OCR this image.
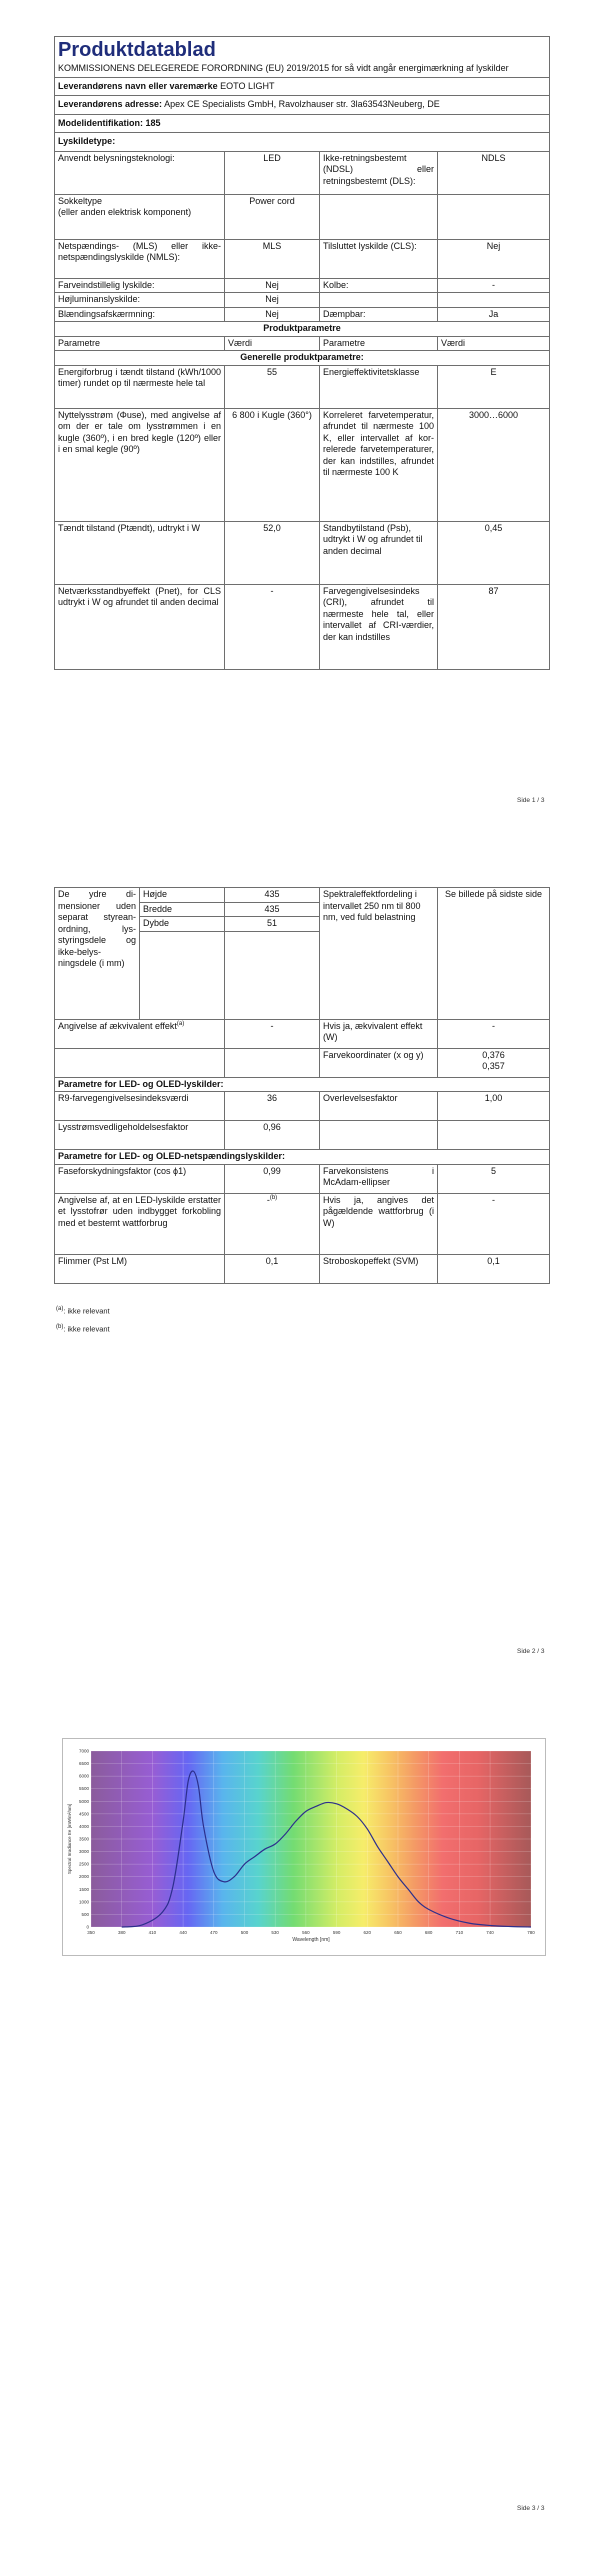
Produktdatablad
KOMMISSIONENS DELEGEREDE FORORDNING (EU) 2019/2015 for så vidt angår energimærkning af lyskilder			

Leverandørens navn eller varemærke EOTO LIGHT			
Leverandørens adresse: Apex CE Specialists GmbH, Ravolzhauser str. 3la63543Neuberg, DE			
Modelidentifikation: 185			
Lyskildetype:			
Anvendt belysningsteknologi:	LED	Ikke-retningsbestemt (NDSL) eller retningsbestemt (DLS):	NDLS
Sokkeltype
(eller anden elektrisk komponent)	Power cord		
Netspændings- (MLS) eller ikke-netspændingslyskilde (NMLS):	MLS	Tilsluttet lyskilde (CLS):	Nej
Farveindstillelig lyskilde:	Nej	Kolbe:	-
Højluminanslyskilde:	Nej		
Blændingsafskærmning:	Nej	Dæmpbar:	Ja
Produktparametre			
Parametre	Værdi	Parametre	Værdi
Generelle produktparametre:			
Energiforbrug i tændt tilstand (kWh/1000 timer) rundet op til nærmeste hele tal	55	Energieffektivitetsklasse	E
Nyttelysstrøm (Φuse), med angivelse af om der er tale om lysstrømmen i en kugle (360º), i en bred kegle (120º) eller i en smal kegle (90º)	6 800 i Kugle (360°)	Korreleret farvetemperatur, afrundet til nærmeste 100 K, eller intervallet af korrelerede farvetemperaturer, der kan indstilles, afrundet til nærmeste 100 K	3000…6000
Tændt tilstand (Ptændt), udtrykt i W	52,0	Standbytilstand (Psb), udtrykt i W og afrundet til anden decimal	0,45
Netværksstandbyeffekt (Pnet), for CLS udtrykt i W og afrundet til anden decimal	-	Farvegengivelsesindeks (CRI), afrundet til nærmeste hele tal, eller intervallet af CRI-værdier, der kan indstilles	87
Side 1 / 3
De ydre dimensioner uden separat styreanordning, lysstyringsdele og ikke-belysningsdele (i mm)	Højde	435	Spektraleffektfordeling i intervallet 250 nm til 800 nm, ved fuld belastning	Se billede på sidste side
	Bredde	435		
	Dybde	51		

Angivelse af ækvivalent effekt$^{(a)}$		-	Hvis ja, ækvivalent effekt (W)	-
			Farvekoordinater (x og y)	0,376
0,357

Parametre for LED- og OLED-lyskilder:				
R9-farvegengivelsesindeksværdi		36	Overlevelsesfaktor	1,00
Lysstrømsvedligeholdelsesfaktor		0,96		
Parametre for LED- og OLED-netspændingslyskilder:				
Faseforskydningsfaktor (cos ϕ1)		0,99	Farvekonsistens i McAdam-ellipser	5
Angivelse af, at en LED-lyskilde erstatter et lysstofrør uden indbygget forkobling med et bestemt wattforbrug		-$^{(b)}$	Hvis ja, angives det pågældende wattforbrug (i W)	-
Flimmer (Pst LM)		0,1	Stroboskopeffekt (SVM)	0,1
$^{(a)}$: ikke relevant
$^{(b)}$: ikke relevant
Side 2 / 3
7000
6500
6000
5500
5000
4500
4000
3500
3000
2500
2000
1500
1000
500
0
350	380	410	440	470	500	530	560	590	620	650	680	710	740	780
Wavelength [nm]
Spectral Irradiance Ee [mW/m²/nm]
Side 3 / 3
